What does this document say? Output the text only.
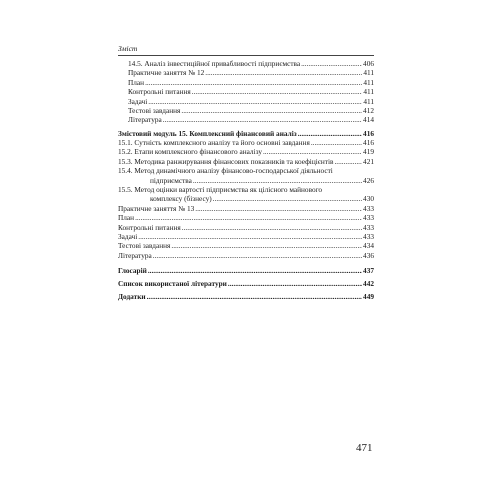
Зміст
14.5. Аналіз інвестиційної привабливості підприємства .....	406
Практичне заняття № 12 .....	411
План .....	411
Контрольні питання .....	411
Задачі .....	411
Тестові завдання .....	412
Література .....	414
Змістовий модуль 15. Комплексний фінансовий аналіз .....	416
15.1. Сутність комплексного аналізу та його основні завдання .....	416
15.2. Етапи комплексного фінансового аналізу .....	419
15.3. Методика ранжирування фінансових показників та коефіцієнтів .....	421
15.4. Метод динамічного аналізу фінансово-господарської діяльності
підприємства .....	426
15.5. Метод оцінки вартості підприємства як цілісного майнового
комплексу (бізнесу) .....	430
Практичне заняття № 13 .....	433
План .....	433
Контрольні питання .....	433
Задачі .....	433
Тестові завдання .....	434
Література .....	436
Глосарій .....	437
Список використаної літератури .....	442
Додатки .....	449
471
